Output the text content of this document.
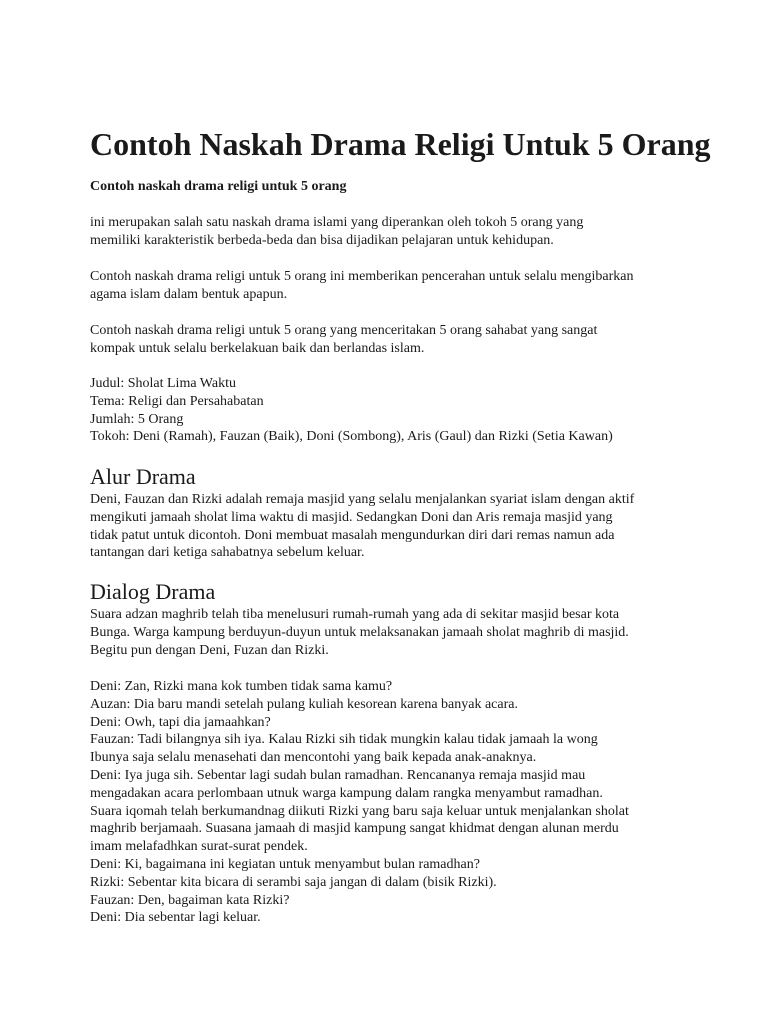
Contoh Naskah Drama Religi Untuk 5 Orang

Contoh naskah drama religi untuk 5 orang

ini merupakan salah satu naskah drama islami yang diperankan oleh tokoh 5 orang yang
memiliki karakteristik berbeda-beda dan bisa dijadikan pelajaran untuk kehidupan.
Contoh naskah drama religi untuk 5 orang ini memberikan pencerahan untuk selalu mengibarkan
agama islam dalam bentuk apapun.
Contoh naskah drama religi untuk 5 orang yang menceritakan 5 orang sahabat yang sangat
kompak untuk selalu berkelakuan baik dan berlandas islam.
Judul: Sholat Lima Waktu
Tema: Religi dan Persahabatan
Jumlah: 5 Orang
Tokoh: Deni (Ramah), Fauzan (Baik), Doni (Sombong), Aris (Gaul) dan Rizki (Setia Kawan)
Alur Drama
Deni, Fauzan dan Rizki adalah remaja masjid yang selalu menjalankan syariat islam dengan aktif
mengikuti jamaah sholat lima waktu di masjid. Sedangkan Doni dan Aris remaja masjid yang
tidak patut untuk dicontoh. Doni membuat masalah mengundurkan diri dari remas namun ada
tantangan dari ketiga sahabatnya sebelum keluar.
Dialog Drama
Suara adzan maghrib telah tiba menelusuri rumah-rumah yang ada di sekitar masjid besar kota
Bunga. Warga kampung berduyun-duyun untuk melaksanakan jamaah sholat maghrib di masjid.
Begitu pun dengan Deni, Fuzan dan Rizki.
Deni: Zan, Rizki mana kok tumben tidak sama kamu?
Auzan: Dia baru mandi setelah pulang kuliah kesorean karena banyak acara.
Deni: Owh, tapi dia jamaahkan?
Fauzan: Tadi bilangnya sih iya. Kalau Rizki sih tidak mungkin kalau tidak jamaah la wong
Ibunya saja selalu menasehati dan mencontohi yang baik kepada anak-anaknya.
Deni: Iya juga sih. Sebentar lagi sudah bulan ramadhan. Rencananya remaja masjid mau
mengadakan acara perlombaan utnuk warga kampung dalam rangka menyambut ramadhan.
Suara iqomah telah berkumandnag diikuti Rizki yang baru saja keluar untuk menjalankan sholat
maghrib berjamaah. Suasana jamaah di masjid kampung sangat khidmat dengan alunan merdu
imam melafadhkan surat-surat pendek.
Deni: Ki, bagaimana ini kegiatan untuk menyambut bulan ramadhan?
Rizki: Sebentar kita bicara di serambi saja jangan di dalam (bisik Rizki).
Fauzan: Den, bagaiman kata Rizki?
Deni: Dia sebentar lagi keluar.
